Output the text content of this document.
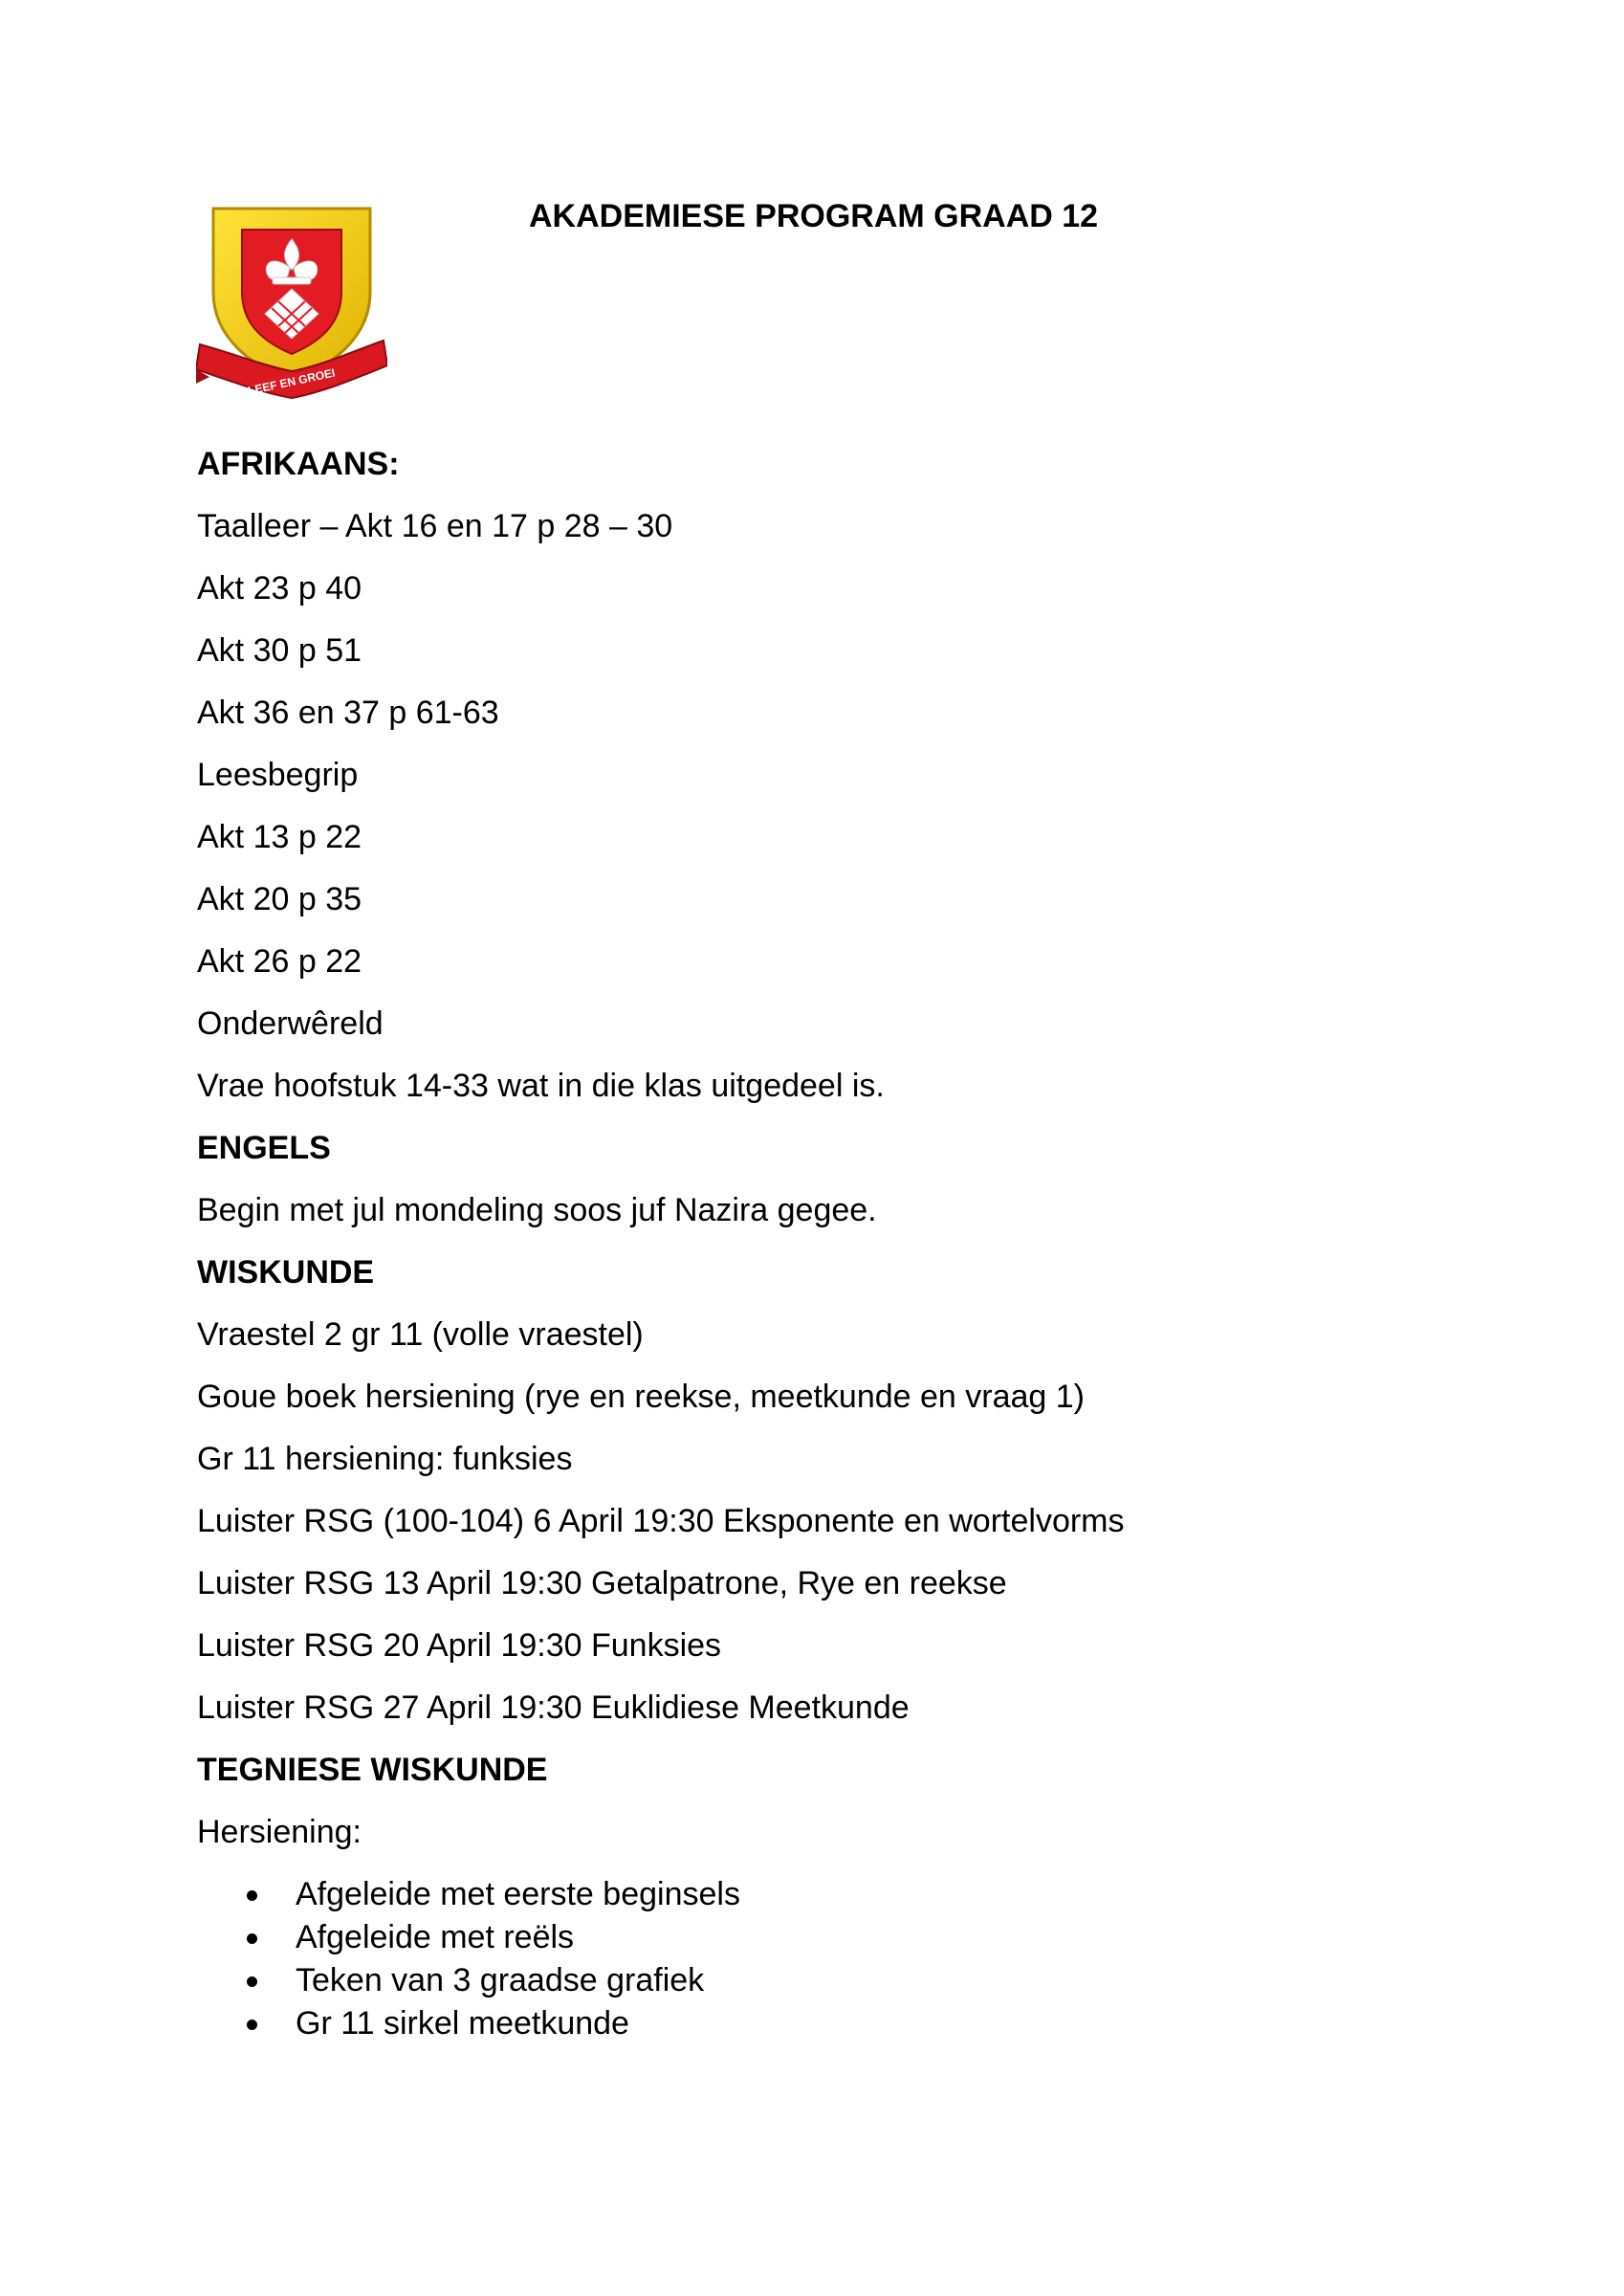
LEEF EN GROEI
AKADEMIESE PROGRAM GRAAD 12
AFRIKAANS:
Taalleer – Akt 16 en 17 p 28 – 30
Akt 23 p 40
Akt 30 p 51
Akt 36 en 37 p 61-63
Leesbegrip
Akt 13 p 22
Akt 20 p 35
Akt 26 p 22
Onderwêreld
Vrae hoofstuk 14-33 wat in die klas uitgedeel is.
ENGELS
Begin met jul mondeling soos juf Nazira gegee.
WISKUNDE
Vraestel 2 gr 11 (volle vraestel)
Goue boek hersiening (rye en reekse, meetkunde en vraag 1)
Gr 11 hersiening: funksies
Luister RSG (100-104) 6 April 19:30 Eksponente en wortelvorms
Luister RSG 13 April 19:30 Getalpatrone, Rye en reekse
Luister RSG 20 April 19:30 Funksies
Luister RSG 27 April 19:30 Euklidiese Meetkunde
TEGNIESE WISKUNDE
Hersiening:
Afgeleide met eerste beginsels
Afgeleide met reëls
Teken van 3 graadse grafiek
Gr 11 sirkel meetkunde
